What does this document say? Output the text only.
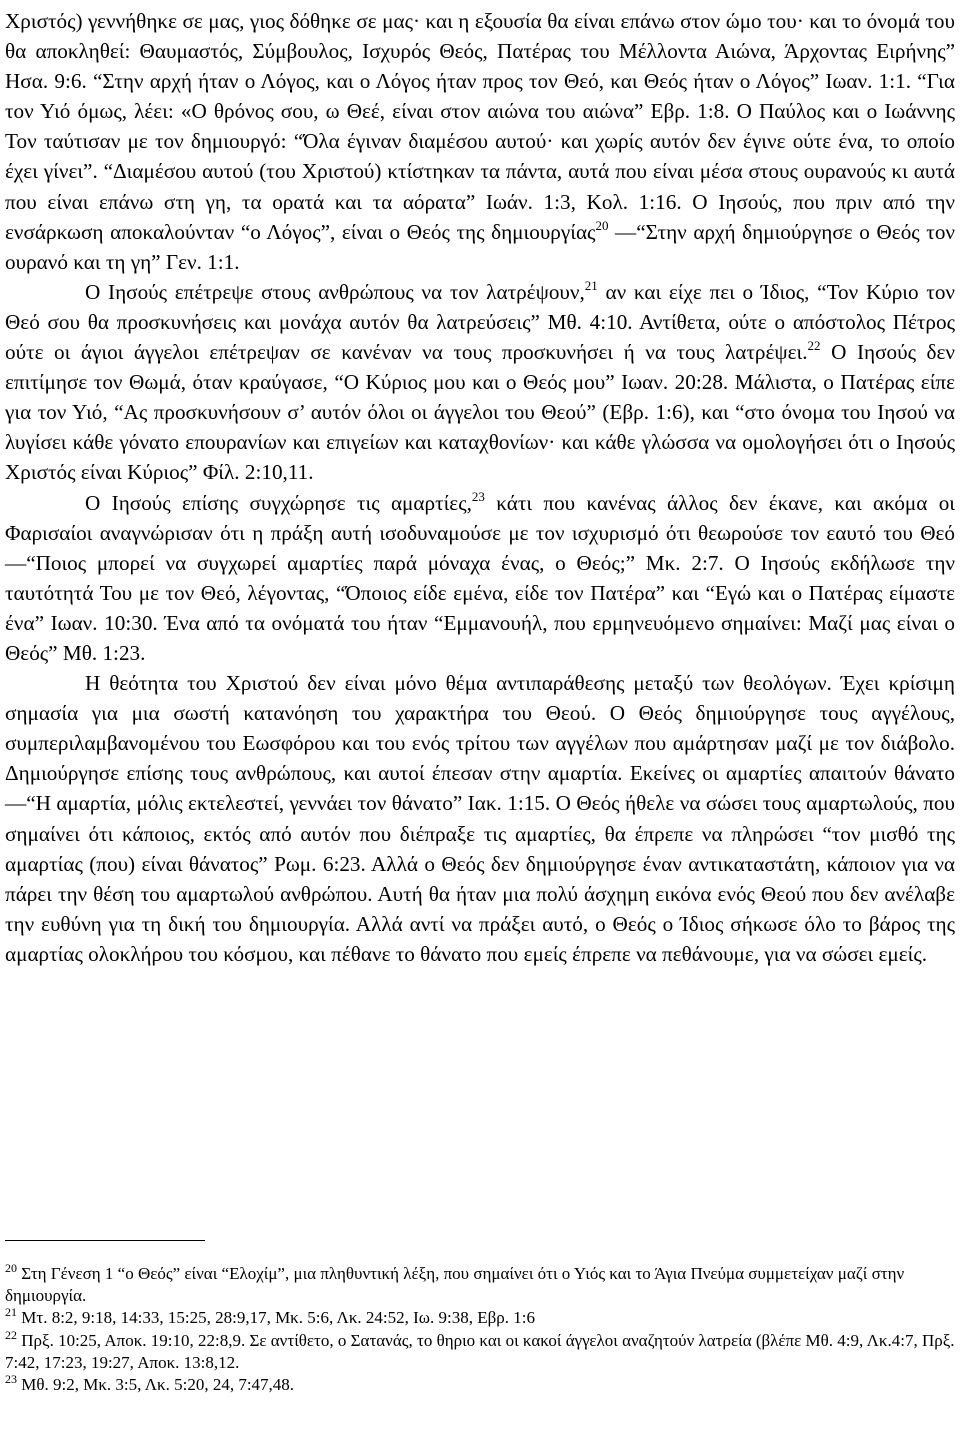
Χριστός) γεννήθηκε σε μας, γιος δόθηκε σε μας· και η εξουσία θα είναι επάνω στον ώμο του· και το όνομά του θα αποκληθεί: Θαυμαστός, Σύμβουλος, Ισχυρός Θεός, Πατέρας του Μέλλοντα Αιώνα, Άρχοντας Ειρήνης” Ησα. 9:6. “Στην αρχή ήταν ο Λόγος, και ο Λόγος ήταν προς τον Θεό, και Θεός ήταν ο Λόγος” Ιωαν. 1:1. “Για τον Υιό όμως, λέει: «Ο θρόνος σου, ω Θεέ, είναι στον αιώνα του αιώνα” Εβρ. 1:8. Ο Παύλος και ο Ιωάννης Τον ταύτισαν με τον δημιουργό: “Όλα έγιναν διαμέσου αυτού· και χωρίς αυτόν δεν έγινε ούτε ένα, το οποίο έχει γίνει”. “Διαμέσου αυτού (του Χριστού) κτίστηκαν τα πάντα, αυτά που είναι μέσα στους ουρανούς κι αυτά που είναι επάνω στη γη, τα ορατά και τα αόρατα” Ιωάν. 1:3, Κολ. 1:16. Ο Ιησούς, που πριν από την ενσάρκωση αποκαλούνταν “ο Λόγος”, είναι ο Θεός της δημιουργίας$^{20}$ —“Στην αρχή δημιούργησε ο Θεός τον ουρανό και τη γη” Γεν. 1:1.

Ο Ιησούς επέτρεψε στους ανθρώπους να τον λατρέψουν,$^{21}$ αν και είχε πει ο Ίδιος, “Τον Κύριο τον Θεό σου θα προσκυνήσεις και μονάχα αυτόν θα λατρεύσεις” Μθ. 4:10. Αντίθετα, ούτε ο απόστολος Πέτρος ούτε οι άγιοι άγγελοι επέτρεψαν σε κανέναν να τους προσκυνήσει ή να τους λατρέψει.$^{22}$ Ο Ιησούς δεν επιτίμησε τον Θωμά, όταν κραύγασε, “Ο Κύριος μου και ο Θεός μου” Ιωαν. 20:28. Μάλιστα, ο Πατέρας είπε για τον Υιό, “Ας προσκυνήσουν σ’ αυτόν όλοι οι άγγελοι του Θεού” (Εβρ. 1:6), και “στο όνομα του Ιησού να λυγίσει κάθε γόνατο επουρανίων και επιγείων και καταχθονίων· και κάθε γλώσσα να ομολογήσει ότι ο Ιησούς Χριστός είναι Κύριος” Φίλ. 2:10,11.

Ο Ιησούς επίσης συγχώρησε τις αμαρτίες,$^{23}$ κάτι που κανένας άλλος δεν έκανε, και ακόμα οι Φαρισαίοι αναγνώρισαν ότι η πράξη αυτή ισοδυναμούσε με τον ισχυρισμό ότι θεωρούσε τον εαυτό του Θεό—“Ποιος μπορεί να συγχωρεί αμαρτίες παρά μόναχα ένας, ο Θεός;” Μκ. 2:7. Ο Ιησούς εκδήλωσε την ταυτότητά Του με τον Θεό, λέγοντας, “Όποιος είδε εμένα, είδε τον Πατέρα” και “Εγώ και ο Πατέρας είμαστε ένα” Ιωαν. 10:30. Ένα από τα ονόματά του ήταν “Εμμανουήλ, που ερμηνευόμενο σημαίνει: Μαζί μας είναι ο Θεός” Μθ. 1:23.

Η θεότητα του Χριστού δεν είναι μόνο θέμα αντιπαράθεσης μεταξύ των θεολόγων. Έχει κρίσιμη σημασία για μια σωστή κατανόηση του χαρακτήρα του Θεού. Ο Θεός δημιούργησε τους αγγέλους, συμπεριλαμβανομένου του Εωσφόρου και του ενός τρίτου των αγγέλων που αμάρτησαν μαζί με τον διάβολο. Δημιούργησε επίσης τους ανθρώπους, και αυτοί έπεσαν στην αμαρτία. Εκείνες οι αμαρτίες απαιτούν θάνατο—“Η αμαρτία, μόλις εκτελεστεί, γεννάει τον θάνατο” Ιακ. 1:15. Ο Θεός ήθελε να σώσει τους αμαρτωλούς, που σημαίνει ότι κάποιος, εκτός από αυτόν που διέπραξε τις αμαρτίες, θα έπρεπε να πληρώσει “τον μισθό της αμαρτίας (που) είναι θάνατος” Ρωμ. 6:23. Αλλά ο Θεός δεν δημιούργησε έναν αντικαταστάτη, κάποιον για να πάρει την θέση του αμαρτωλού ανθρώπου. Αυτή θα ήταν μια πολύ άσχημη εικόνα ενός Θεού που δεν ανέλαβε την ευθύνη για τη δική του δημιουργία. Αλλά αντί να πράξει αυτό, ο Θεός ο Ίδιος σήκωσε όλο το βάρος της αμαρτίας ολοκλήρου του κόσμου, και πέθανε το θάνατο που εμείς έπρεπε να πεθάνουμε, για να σώσει εμείς.

$^{20}$ Στη Γένεση 1 “ο Θεός” είναι “Ελοχίμ”, μια πληθυντική λέξη, που σημαίνει ότι ο Υιός και το Άγια Πνεύμα συμμετείχαν μαζί στην δημιουργία.

$^{21}$ Μτ. 8:2, 9:18, 14:33, 15:25, 28:9,17, Μκ. 5:6, Λκ. 24:52, Ιω. 9:38, Εβρ. 1:6

$^{22}$ Πρξ. 10:25, Αποκ. 19:10, 22:8,9. Σε αντίθετο, ο Σατανάς, το θηριο και οι κακοί άγγελοι αναζητούν λατρεία (βλέπε Μθ. 4:9, Λκ.4:7, Πρξ. 7:42, 17:23, 19:27, Αποκ. 13:8,12.

$^{23}$ Μθ. 9:2, Μκ. 3:5, Λκ. 5:20, 24, 7:47,48.
